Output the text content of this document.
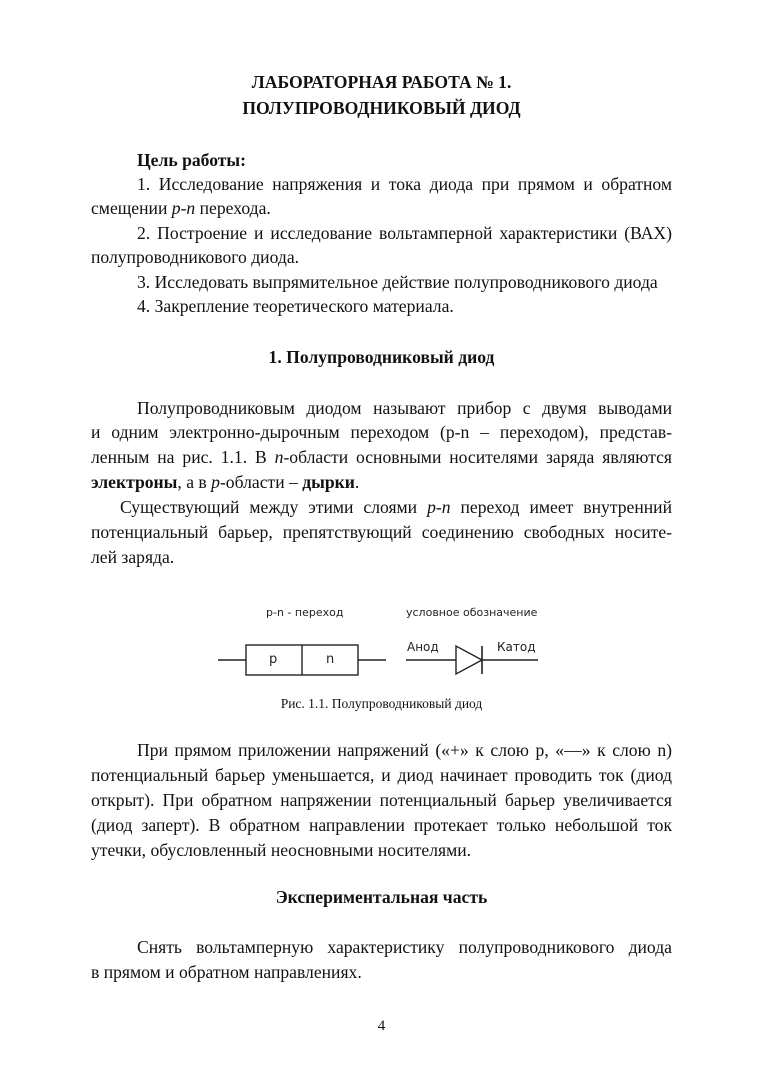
ЛАБОРАТОРНАЯ РАБОТА № 1.
ПОЛУПРОВОДНИКОВЫЙ ДИОД
Цель работы:
1. Исследование напряжения и тока диода при прямом и обратном
смещении p-n перехода.
2. Построение и исследование вольтамперной характеристики (ВАХ)
полупроводникового диода.
3. Исследовать выпрямительное действие полупроводникового диода
4. Закрепление теоретического материала.
1. Полупроводниковый диод
Полупроводниковым диодом называют прибор с двумя выводами
и одним электронно-дырочным переходом (p-n – переходом), представ-
ленным на рис. 1.1. В n-области основными носителями заряда являются
электроны, а в p-области – дырки.
Существующий между этими слоями p-n переход имеет внутренний
потенциальный барьер, препятствующий соединению свободных носите-
лей заряда.
p-n - переход	условное обозначение
p	n
Анод	Катод
Рис. 1.1. Полупроводниковый диод
При прямом приложении напряжений («+» к слою p, «—» к слою n)
потенциальный барьер уменьшается, и диод начинает проводить ток (диод
открыт). При обратном напряжении потенциальный барьер увеличивается
(диод заперт). В обратном направлении протекает только небольшой ток
утечки, обусловленный неосновными носителями.
Экспериментальная часть
Снять вольтамперную характеристику полупроводникового диода
в прямом и обратном направлениях.
4
